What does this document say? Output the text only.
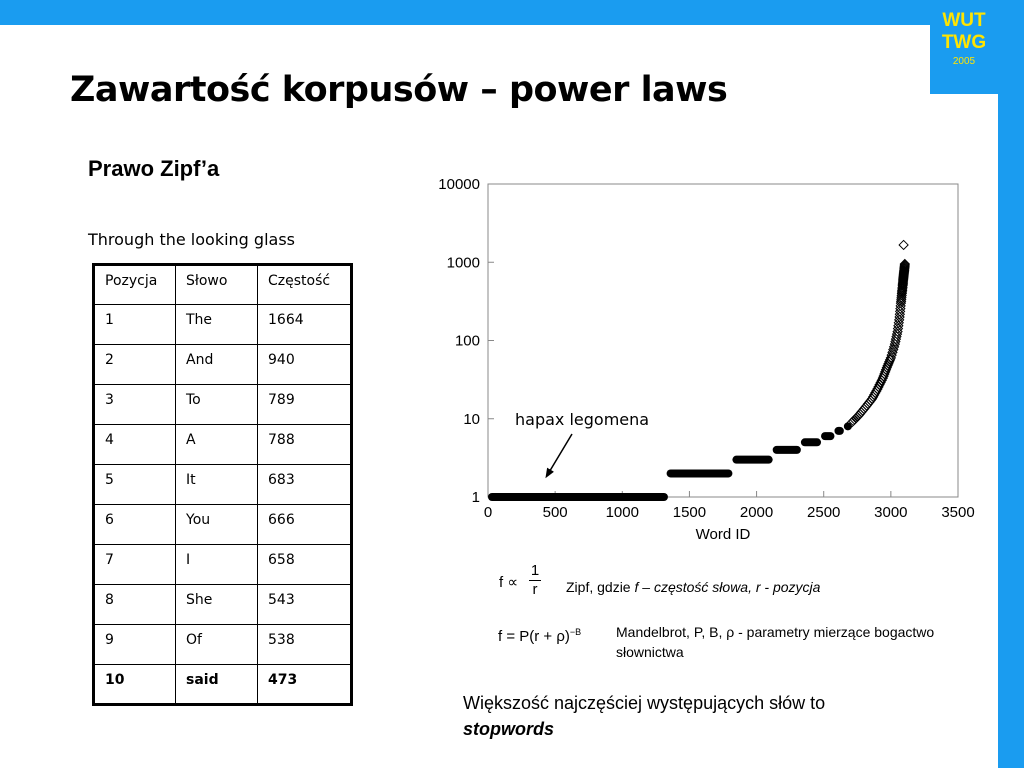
WUT
TWG
2005
Zawartość korpusów – power laws
Prawo Zipf’a
Through the looking glass
Pozycja	Słowo	Częstość
1	The	1664
2	And	940
3	To	789
4	A	788
5	It	683
6	You	666
7	I	658
8	She	543
9	Of	538
10	said	473
1
10
100
1000
10000
0	500	1000 1500 2000 2500 3000 3500
Word ID
hapax legomena
f ∝
1
r	Zipf, gdzie f – częstość słowa, r - pozycja
$f = P(r + \rho)^{-B}$ Mandelbrot, P, B, ρ - parametry mierzące bogactwo słownictwa
Większość najczęściej występujących słów to
stopwords
